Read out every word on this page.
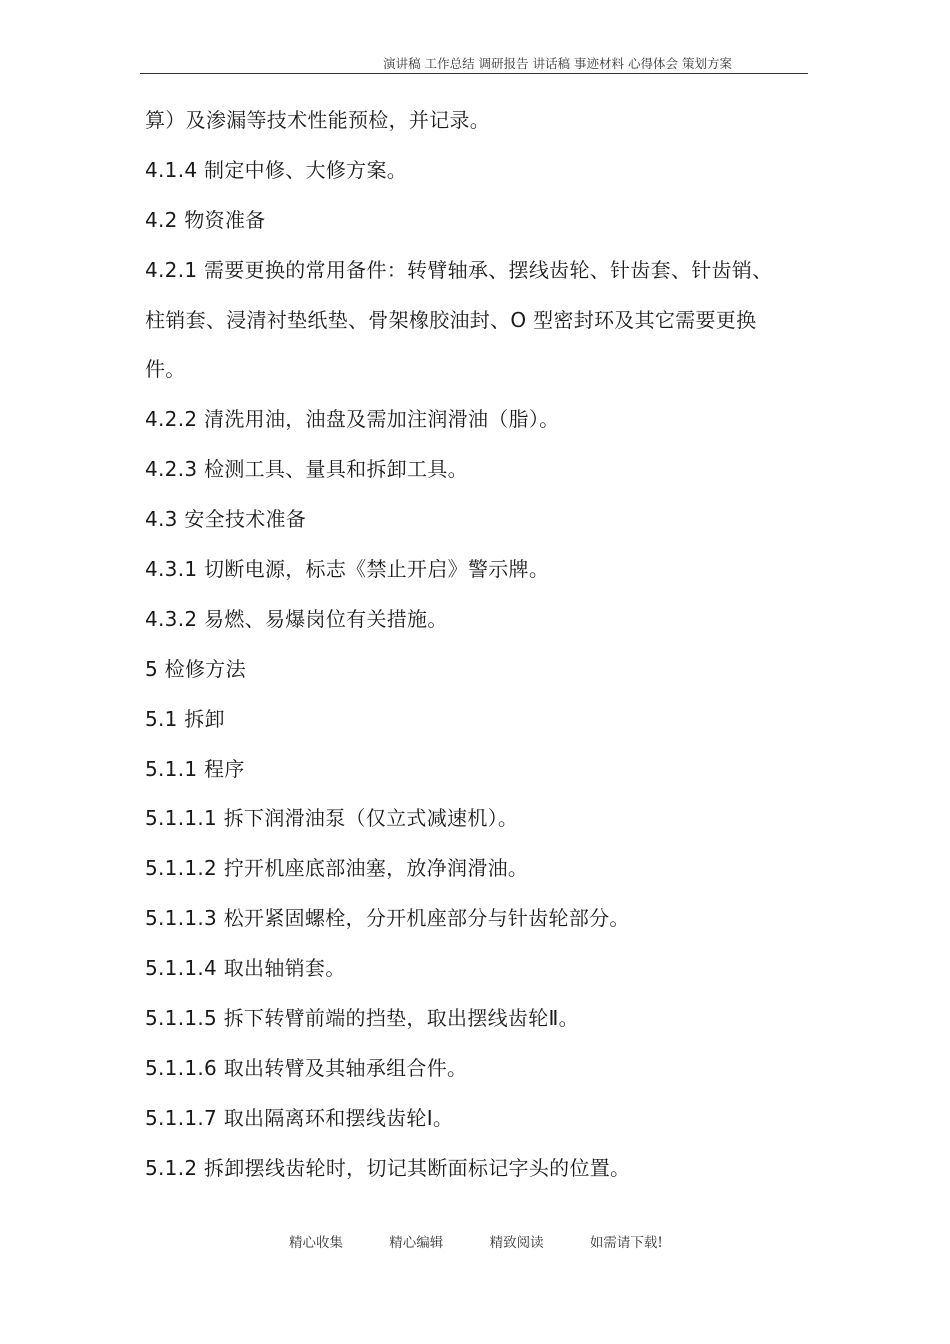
演讲稿 工作总结 调研报告 讲话稿 事迹材料 心得体会 策划方案
算）及渗漏等技术性能预检，并记录。
4.1.4 制定中修、大修方案。
4.2 物资准备
4.2.1 需要更换的常用备件：转臂轴承、摆线齿轮、针齿套、针齿销、
柱销套、浸清衬垫纸垫、骨架橡胶油封、O 型密封环及其它需要更换
件。
4.2.2 清洗用油，油盘及需加注润滑油（脂）。
4.2.3 检测工具、量具和拆卸工具。
4.3 安全技术准备
4.3.1 切断电源，标志《禁止开启》警示牌。
4.3.2 易燃、易爆岗位有关措施。
5 检修方法
5.1 拆卸
5.1.1 程序
5.1.1.1 拆下润滑油泵（仅立式减速机）。
5.1.1.2 拧开机座底部油塞，放净润滑油。
5.1.1.3 松开紧固螺栓，分开机座部分与针齿轮部分。
5.1.1.4 取出轴销套。
5.1.1.5 拆下转臂前端的挡垫，取出摆线齿轮Ⅱ。
5.1.1.6 取出转臂及其轴承组合件。
5.1.1.7 取出隔离环和摆线齿轮Ⅰ。
5.1.2 拆卸摆线齿轮时，切记其断面标记字头的位置。
精心收集	精心编辑	精致阅读	如需请下载!
